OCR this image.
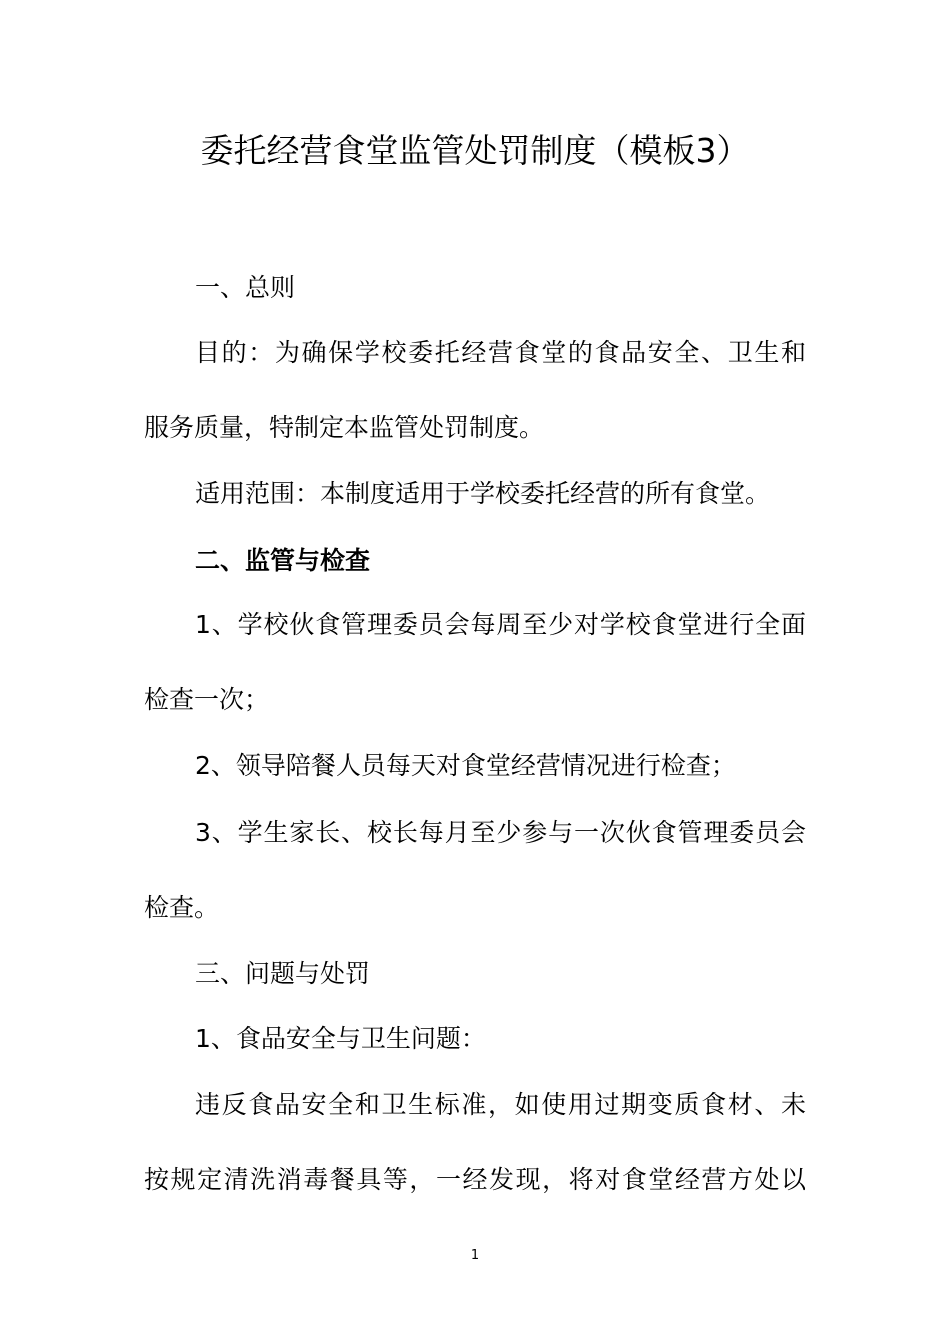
委托经营食堂监管处罚制度（模板3）
一、总则
目的：为确保学校委托经营食堂的食品安全、卫生和
服务质量，特制定本监管处罚制度。
适用范围：本制度适用于学校委托经营的所有食堂。
二、监管与检查
1、学校伙食管理委员会每周至少对学校食堂进行全面
检查一次；
2、领导陪餐人员每天对食堂经营情况进行检查；
3、学生家长、校长每月至少参与一次伙食管理委员会
检查。
三、问题与处罚
1、食品安全与卫生问题：
违反食品安全和卫生标准，如使用过期变质食材、未
按规定清洗消毒餐具等，一经发现，将对食堂经营方处以
1
